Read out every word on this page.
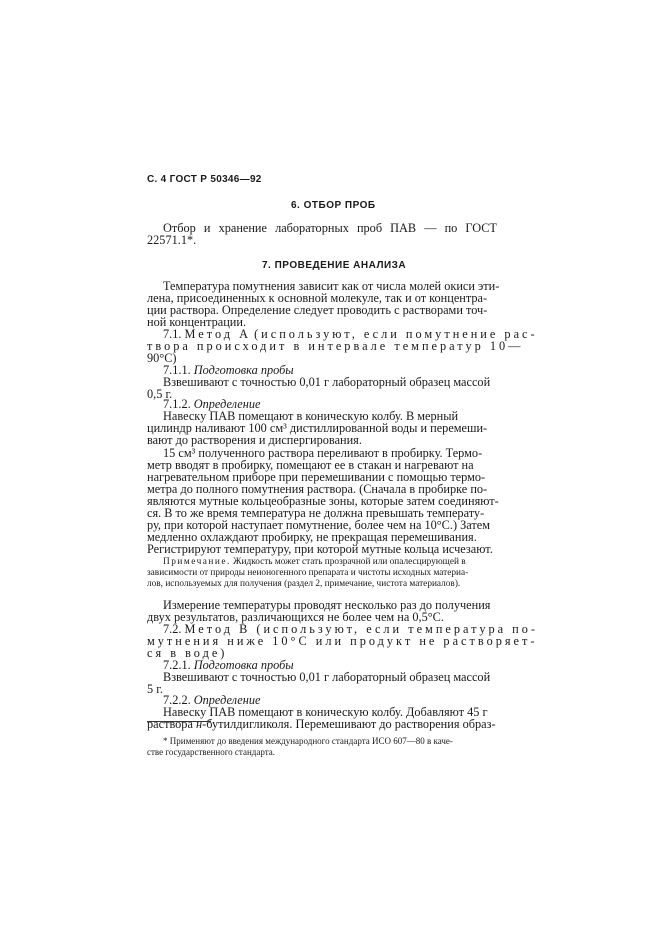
С. 4 ГОСТ Р 50346—92
6. ОТБОР ПРОБ
Отбор и хранение лабораторных проб ПАВ — по ГОСТ
22571.1*.
7. ПРОВЕДЕНИЕ АНАЛИЗА
Температура помутнения зависит как от числа молей окиси эти-
лена, присоединенных к основной молекуле, так и от концентра-
ции раствора. Определение следует проводить с растворами точ-
ной концентрации.
7.1. Метод А (используют, если помутнение рас-
твора происходит в интервале температур 10—
90°С)
7.1.1. Подготовка пробы
Взвешивают с точностью 0,01 г лабораторный образец массой
0,5 г.
7.1.2. Определение
Навеску ПАВ помещают в коническую колбу. В мерный
цилиндр наливают 100 см³ дистиллированной воды и перемеши-
вают до растворения и диспергирования.
15 см³ полученного раствора переливают в пробирку. Термо-
метр вводят в пробирку, помещают ее в стакан и нагревают на
нагревательном приборе при перемешивании с помощью термо-
метра до полного помутнения раствора. (Сначала в пробирке по-
являются мутные кольцеобразные зоны, которые затем соединяют-
ся. В то же время температура не должна превышать температу-
ру, при которой наступает помутнение, более чем на 10°С.) Затем
медленно охлаждают пробирку, не прекращая перемешивания.
Регистрируют температуру, при которой мутные кольца исчезают.
Примечание. Жидкость может стать прозрачной или опалесцирующей в
зависимости от природы неионогенного препарата и чистоты исходных материа-
лов, используемых для получения (раздел 2, примечание, чистота материалов).
Измерение температуры проводят несколько раз до получения
двух результатов, различающихся не более чем на 0,5°С.
7.2. Метод В (используют, если температура по-
мутнения ниже 10°С или продукт не растворяет-
ся в воде)
7.2.1. Подготовка пробы
Взвешивают с точностью 0,01 г лабораторный образец массой
5 г.
7.2.2. Определение
Навеску ПАВ помещают в коническую колбу. Добавляют 45 г
раствора н-бутилдигликоля. Перемешивают до растворения образ-
* Применяют до введения международного стандарта ИСО 607—80 в каче-
стве государственного стандарта.
